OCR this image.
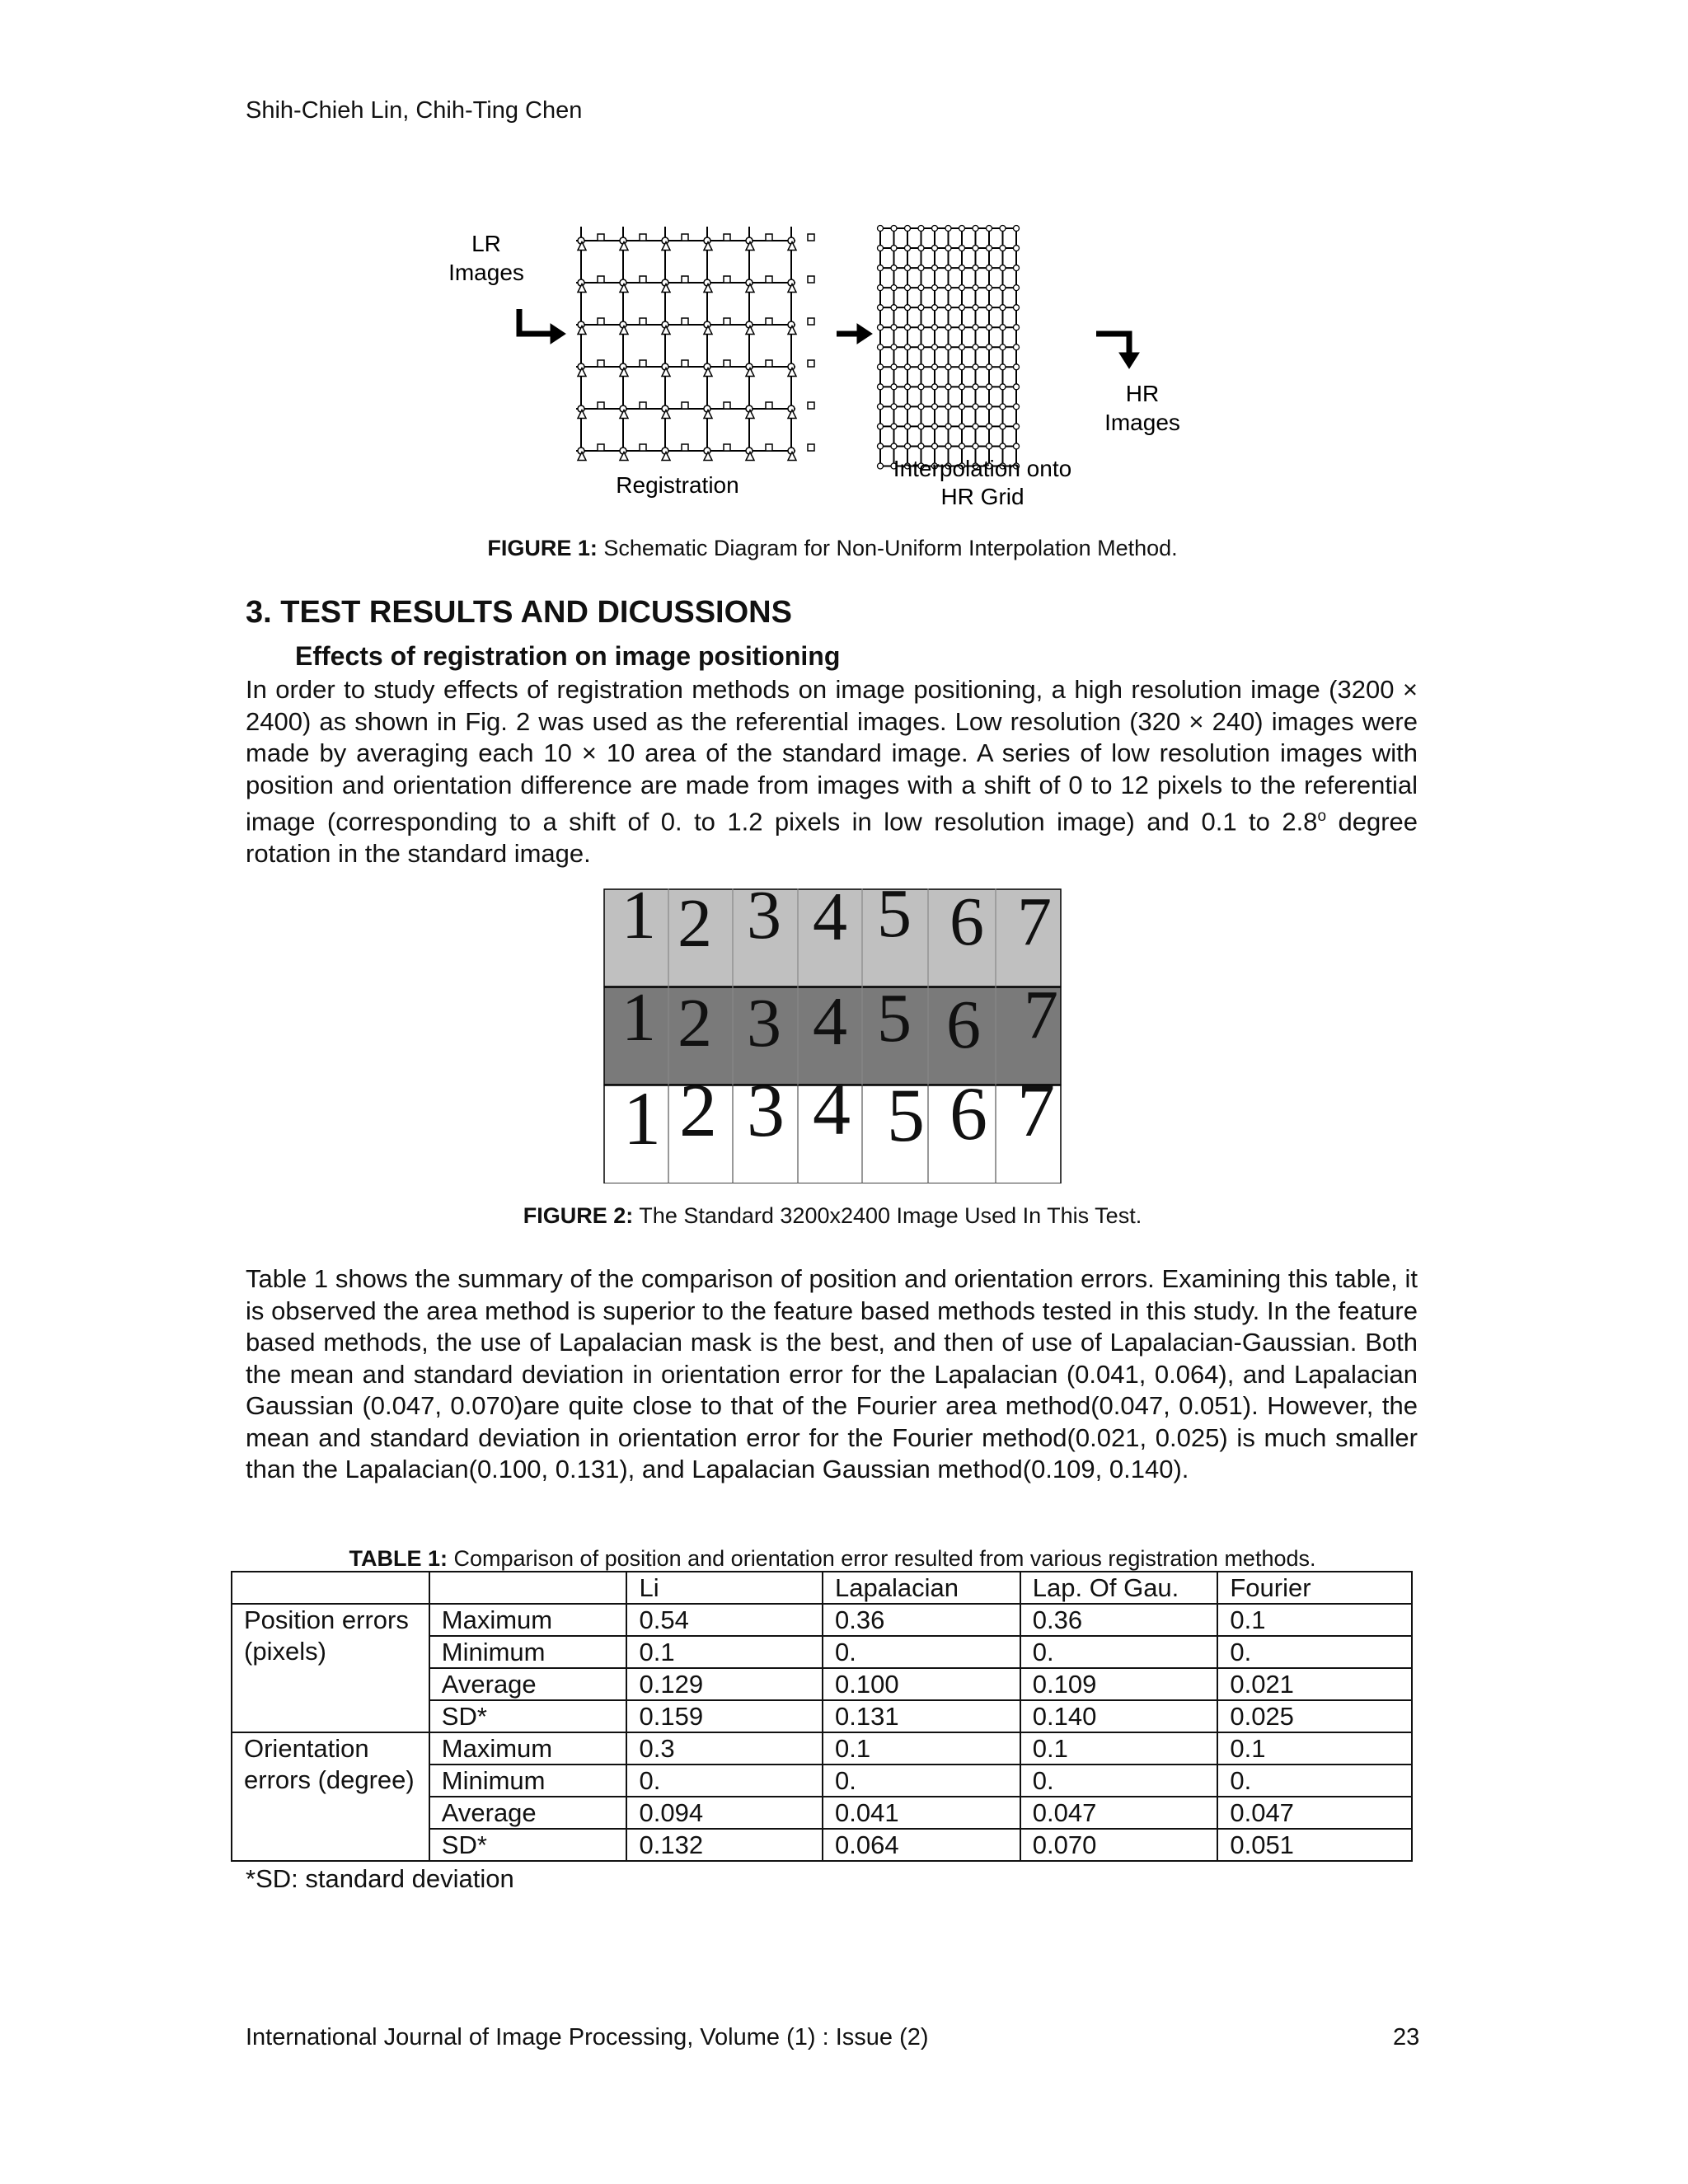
Shih-Chieh Lin, Chih-Ting Chen
LR
Images
HR
Images
Registration
Interpolation onto
HR Grid
FIGURE 1: Schematic Diagram for Non-Uniform Interpolation Method.
3. TEST RESULTS AND DICUSSIONS
Effects of registration on image positioning
In order to study effects of registration methods on image positioning, a high resolution image (3200 × 2400) as shown in Fig. 2 was used as the referential images. Low resolution (320 × 240) images were made by averaging each 10 × 10 area of the standard image. A series of low resolution images with position and orientation difference are made from images with a shift of 0 to 12 pixels to the referential image (corresponding to a shift of 0. to 1.2 pixels in low resolution image) and 0.1 to 2.8$^o$ degree rotation in the standard image.
1 2 3 4 5 6 7
1 2 3 4 5 6 7
1 2 3 4 5 6 7
FIGURE 2: The Standard 3200x2400 Image Used In This Test.
Table 1 shows the summary of the comparison of position and orientation errors. Examining this table, it is observed the area method is superior to the feature based methods tested in this study. In the feature based methods, the use of Lapalacian mask is the best, and then of use of Lapalacian-Gaussian. Both the mean and standard deviation in orientation error for the Lapalacian (0.041, 0.064), and Lapalacian Gaussian (0.047, 0.070)are quite close to that of the Fourier area method(0.047, 0.051). However, the mean and standard deviation in orientation error for the Fourier method(0.021, 0.025) is much smaller than the Lapalacian(0.100, 0.131), and Lapalacian Gaussian method(0.109, 0.140).
TABLE 1: Comparison of position and orientation error resulted from various registration methods.
		Li	Lapalacian	Lap. Of Gau.	Fourier
Position errors (pixels)	Maximum	0.54	0.36	0.36	0.1
	Minimum	0.1	0.	0.	0.
	Average	0.129	0.100	0.109	0.021
	SD*	0.159	0.131	0.140	0.025
Orientation errors (degree)	Maximum	0.3	0.1	0.1	0.1
	Minimum	0.	0.	0.	0.
	Average	0.094	0.041	0.047	0.047
	SD*	0.132	0.064	0.070	0.051
*SD: standard deviation
International Journal of Image Processing, Volume (1) : Issue (2)	23
